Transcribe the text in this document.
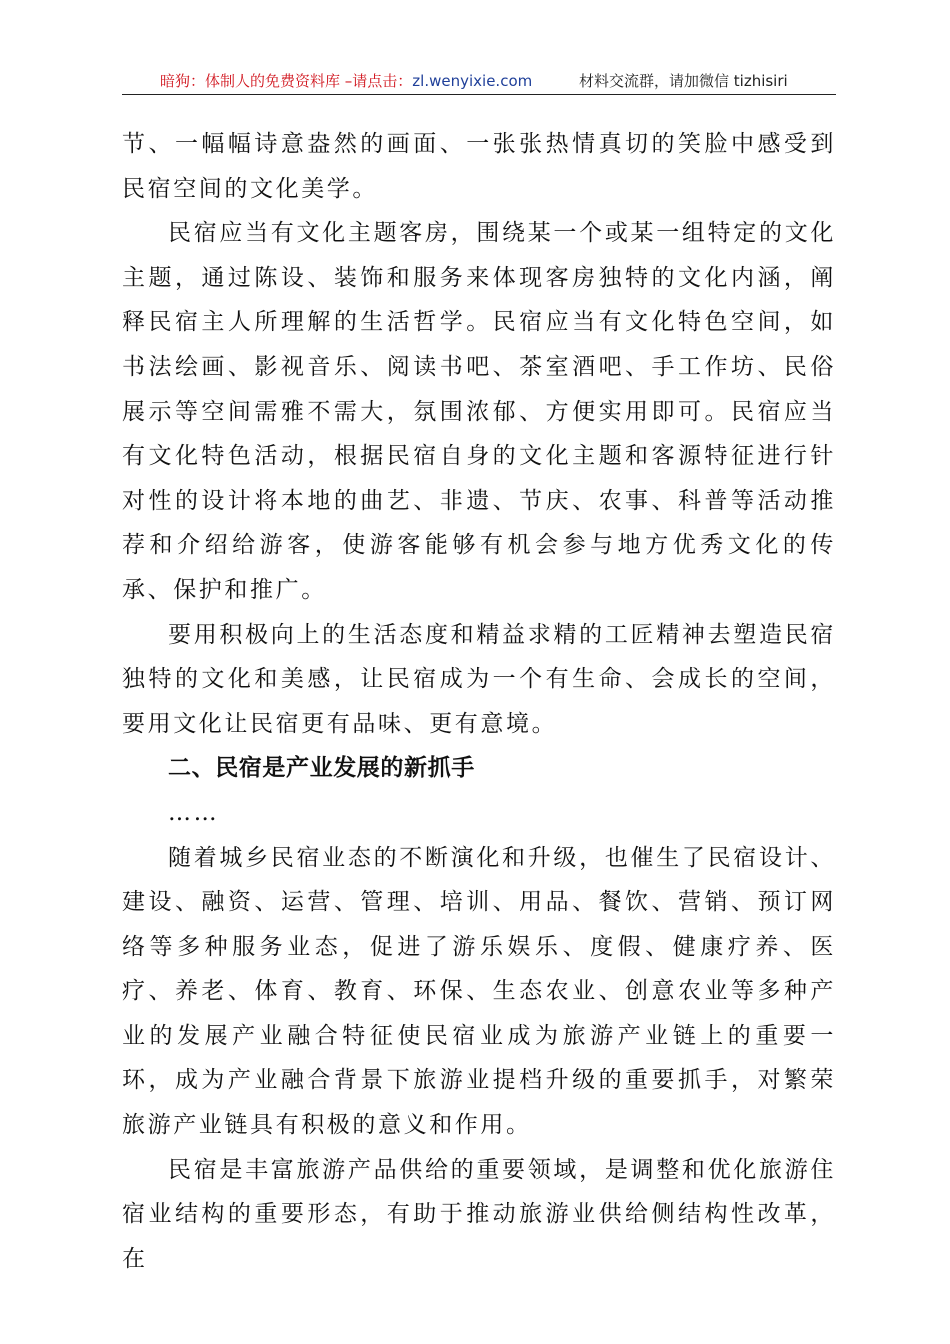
暗狗：体制人的免费资料库 –请点击：zl.wenyixie.com	材料交流群，请加微信 tizhisiri

节、一幅幅诗意盎然的画面、一张张热情真切的笑脸中感受到民宿空间的文化美学。

民宿应当有文化主题客房，围绕某一个或某一组特定的文化主题，通过陈设、装饰和服务来体现客房独特的文化内涵，阐释民宿主人所理解的生活哲学。民宿应当有文化特色空间，如书法绘画、影视音乐、阅读书吧、茶室酒吧、手工作坊、民俗展示等空间需雅不需大，氛围浓郁、方便实用即可。民宿应当有文化特色活动，根据民宿自身的文化主题和客源特征进行针对性的设计将本地的曲艺、非遗、节庆、农事、科普等活动推荐和介绍给游客，使游客能够有机会参与地方优秀文化的传承、保护和推广。

要用积极向上的生活态度和精益求精的工匠精神去塑造民宿独特的文化和美感，让民宿成为一个有生命、会成长的空间，要用文化让民宿更有品味、更有意境。

二、民宿是产业发展的新抓手

……

随着城乡民宿业态的不断演化和升级，也催生了民宿设计、建设、融资、运营、管理、培训、用品、餐饮、营销、预订网络等多种服务业态，促进了游乐娱乐、度假、健康疗养、医疗、养老、体育、教育、环保、生态农业、创意农业等多种产业的发展产业融合特征使民宿业成为旅游产业链上的重要一环，成为产业融合背景下旅游业提档升级的重要抓手，对繁荣旅游产业链具有积极的意义和作用。

民宿是丰富旅游产品供给的重要领域，是调整和优化旅游住宿业结构的重要形态，有助于推动旅游业供给侧结构性改革，在
